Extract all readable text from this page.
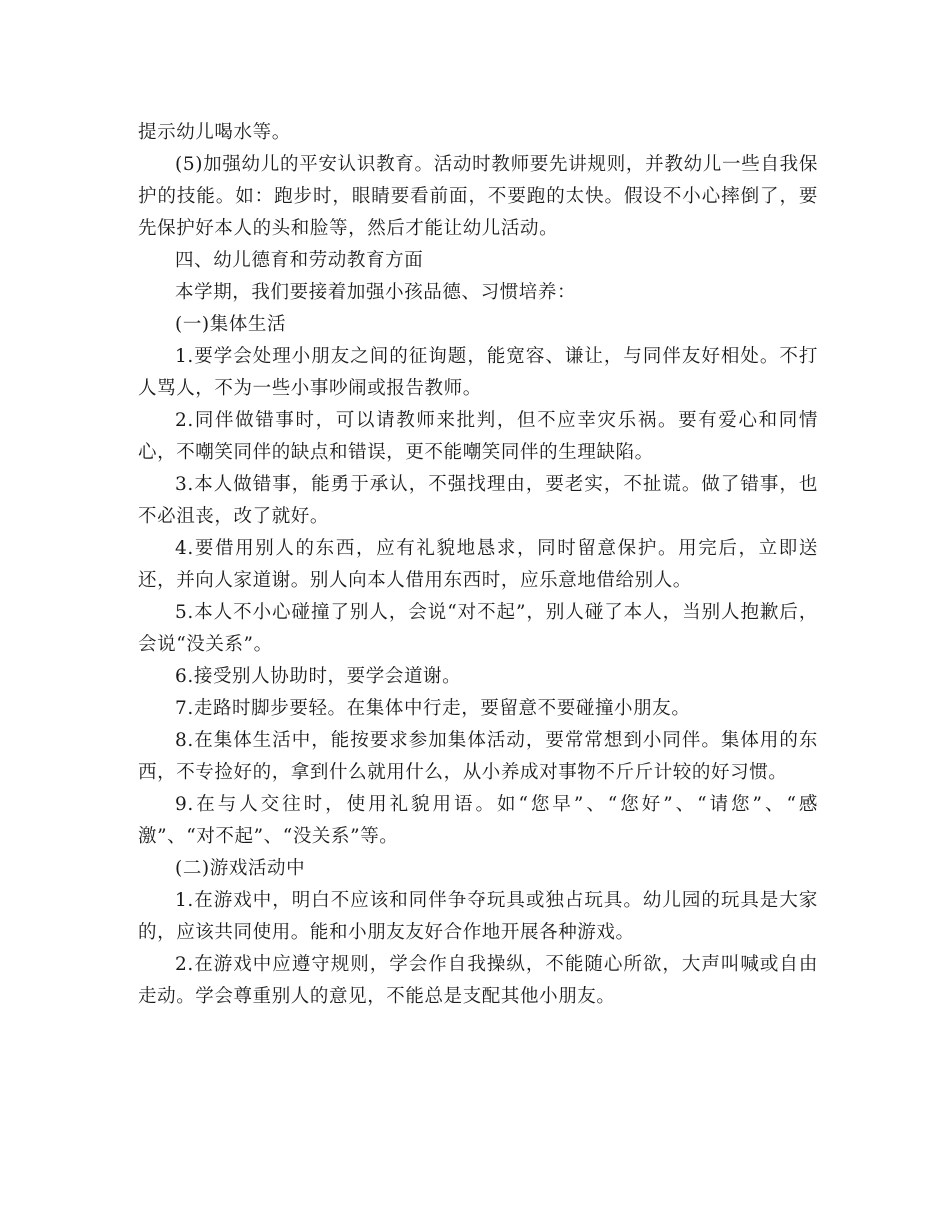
提示幼儿喝水等。

(5)加强幼儿的平安认识教育。活动时教师要先讲规则，并教幼儿一些自我保护的技能。如：跑步时，眼睛要看前面，不要跑的太快。假设不小心摔倒了，要先保护好本人的头和脸等，然后才能让幼儿活动。

四、幼儿德育和劳动教育方面

本学期，我们要接着加强小孩品德、习惯培养：

(一)集体生活

1.要学会处理小朋友之间的征询题，能宽容、谦让，与同伴友好相处。不打人骂人，不为一些小事吵闹或报告教师。

2.同伴做错事时，可以请教师来批判，但不应幸灾乐祸。要有爱心和同情心，不嘲笑同伴的缺点和错误，更不能嘲笑同伴的生理缺陷。

3.本人做错事，能勇于承认，不强找理由，要老实，不扯谎。做了错事，也不必沮丧，改了就好。

4.要借用别人的东西，应有礼貌地恳求，同时留意保护。用完后，立即送还，并向人家道谢。别人向本人借用东西时，应乐意地借给别人。

5.本人不小心碰撞了别人，会说“对不起”，别人碰了本人，当别人抱歉后，会说“没关系”。

6.接受别人协助时，要学会道谢。

7.走路时脚步要轻。在集体中行走，要留意不要碰撞小朋友。

8.在集体生活中，能按要求参加集体活动，要常常想到小同伴。集体用的东西，不专捡好的，拿到什么就用什么，从小养成对事物不斤斤计较的好习惯。

9.在与人交往时，使用礼貌用语。如“您早”、“您好”、“请您”、“感激”、“对不起”、“没关系”等。

(二)游戏活动中

1.在游戏中，明白不应该和同伴争夺玩具或独占玩具。幼儿园的玩具是大家的，应该共同使用。能和小朋友友好合作地开展各种游戏。

2.在游戏中应遵守规则，学会作自我操纵，不能随心所欲，大声叫喊或自由走动。学会尊重别人的意见，不能总是支配其他小朋友。
